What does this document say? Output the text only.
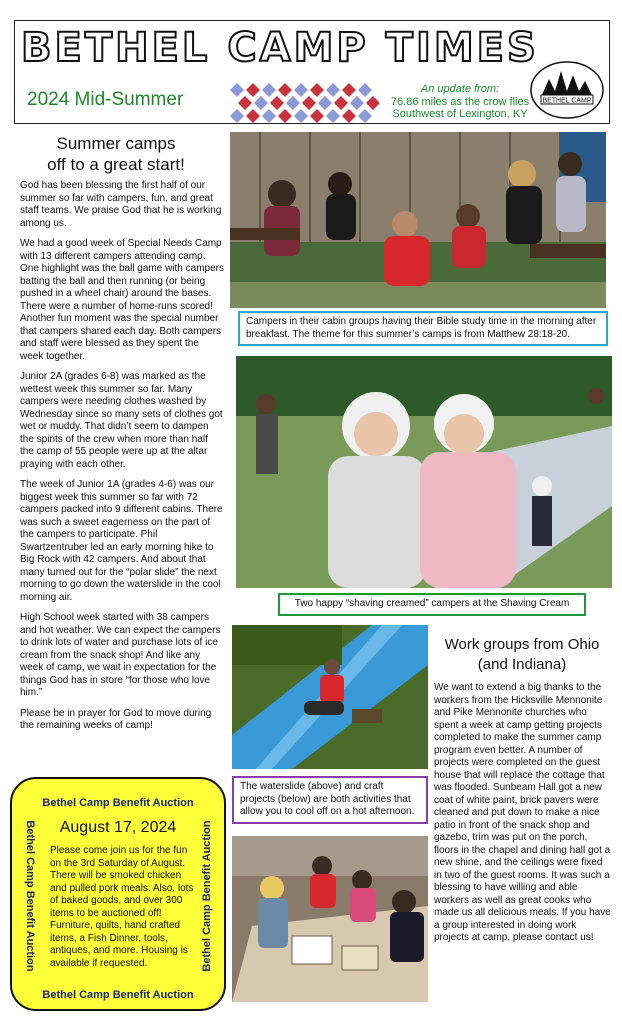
BETHEL CAMP TIMES
2024 Mid-Summer	An update from:
76.86 miles as the crow flies
Southwest of Lexington, KY
BETHEL CAMP
Summer camps
off to a great start!

God has been blessing the first half of our summer so far with campers, fun, and great staff teams. We praise God that he is working among us.

We had a good week of Special Needs Camp with 13 different campers attending camp. One highlight was the ball game with campers batting the ball and then running (or being pushed in a wheel chair) around the bases. There were a number of home-runs scored! Another fun moment was the special number that campers shared each day. Both campers and staff were blessed as they spent the week together.

Junior 2A (grades 6-8) was marked as the wettest week this summer so far. Many campers were needing clothes washed by Wednesday since so many sets of clothes got wet or muddy. That didn’t seem to dampen the spirits of the crew when more than half the camp of 55 people were up at the altar praying with each other.

The week of Junior 1A (grades 4-6) was our biggest week this summer so far with 72 campers packed into 9 different cabins. There was such a sweet eagerness on the part of the campers to participate. Phil Swartzentruber led an early morning hike to Big Rock with 42 campers. And about that many turned out for the “polar slide” the next morning to go down the waterslide in the cool morning air.

High School week started with 38 campers and hot weather. We can expect the campers to drink lots of water and purchase lots of ice cream from the snack shop! And like any week of camp, we wait in expectation for the things God has in store “for those who love him.”

Please be in prayer for God to move during the remaining weeks of camp!

Campers in their cabin groups having their Bible study time in the morning after breakfast. The theme for this summer’s camps is from Matthew 28:18-20.
Two happy “shaving creamed” campers at the Shaving Cream
The waterslide (above) and craft projects (below) are both activities that allow you to cool off on a hot afternoon.
Work groups from Ohio
(and Indiana)
We want to extend a big thanks to the workers from the Hicksville Mennonite and Pike Mennonite churches who spent a week at camp getting projects completed to make the summer camp program even better. A number of projects were completed on the guest house that will replace the cottage that was flooded. Sunbeam Hall got a new coat of white paint, brick pavers were cleaned and put down to make a nice patio in front of the snack shop and gazebo, trim was put on the porch, floors in the chapel and dining hall got a new shine, and the ceilings were fixed in two of the guest rooms. It was such a blessing to have willing and able workers as well as great cooks who made us all delicious meals. If you have a group interested in doing work projects at camp, please contact us!
Bethel Camp Benefit Auction
August 17, 2024
Bethel Camp Benefit Auction	Bethel Camp Benefit Auction
Please come join us for the fun on the 3rd Saturday of August. There will be smoked chicken and pulled pork meals. Also, lots of baked goods, and over 300 items to be auctioned off! Furniture, quilts, hand crafted items, a Fish Dinner, tools, antiques, and more. Housing is available if requested.
Bethel Camp Benefit Auction
